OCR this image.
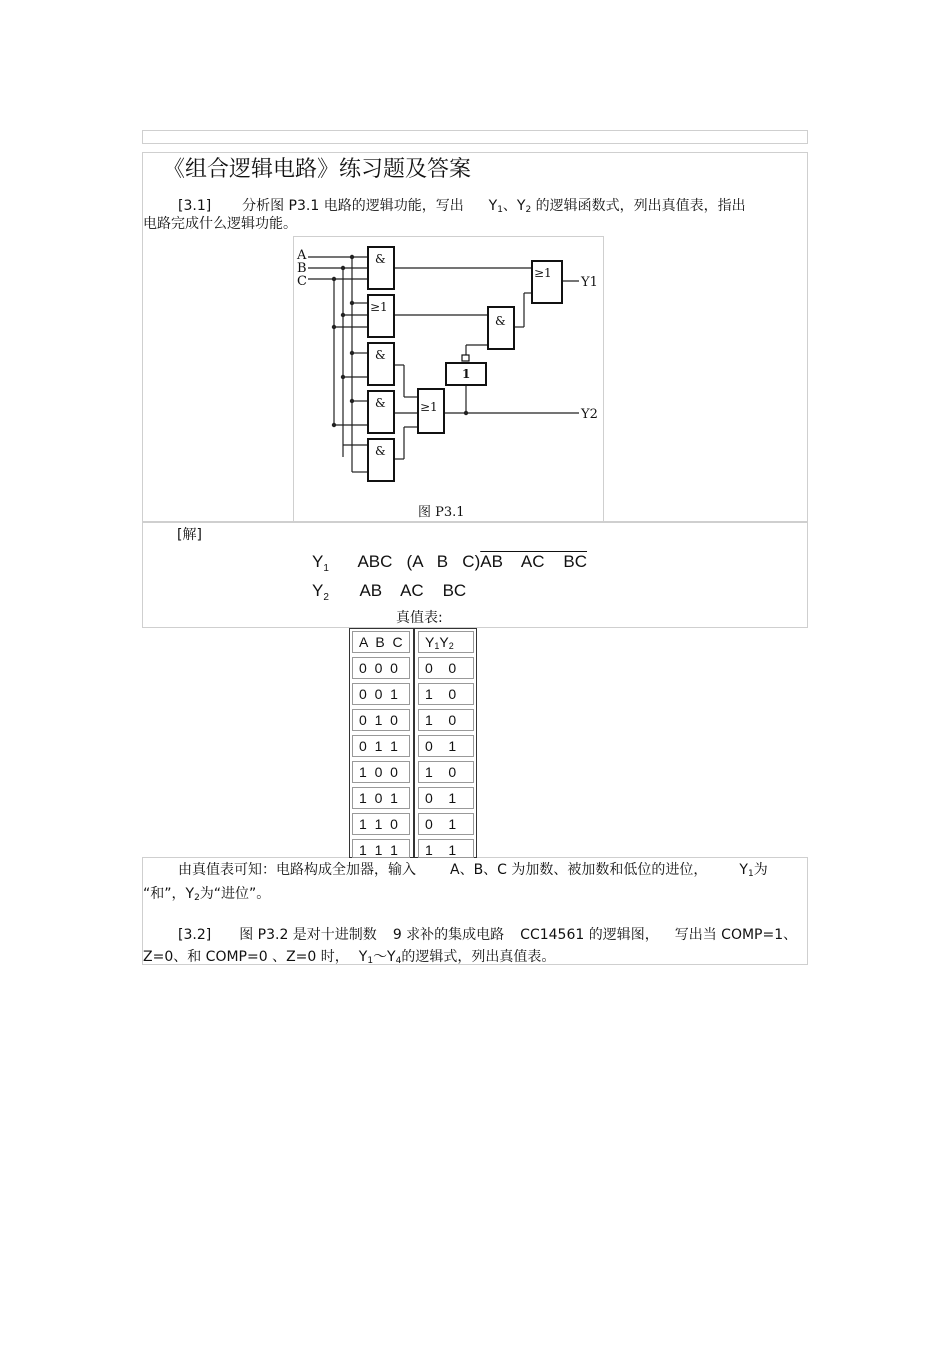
《组合逻辑电路》练习题及答案
[3.1] 分析图 P3.1 电路的逻辑功能，写出 $Y_1$、$Y_2$ 的逻辑函数式，列出真值表，指出
电路完成什么逻辑功能。
&
≥1
&
&
&
≥1
&
1
≥1
A
B
C	Y1
Y2
图 P3.1
[解]
$Y_1$ ABC   (A   B   C)AB    AC    BC
$Y_2$ AB    AC    BC
真值表:
A  B  C	$Y_1Y_2$
0  0  0	0    0
0  0  1	1    0
0  1  0	1    0
0  1  1	0    1
1  0  0	1    0
1  0  1	0    1
1  1  0	0    1
1  1  1	1    1
由真值表可知：电路构成全加器，输入 A、B、C 为加数、被加数和低位的进位， $Y_1$为
“和”，$Y_2$为“进位”。
[3.2] 图 P3.2 是对十进制数 9 求补的集成电路 CC14561 的逻辑图， 写出当 COMP=1、
Z=0、和 COMP=0 、Z=0 时， $Y_1\sim Y_4$的逻辑式，列出真值表。
